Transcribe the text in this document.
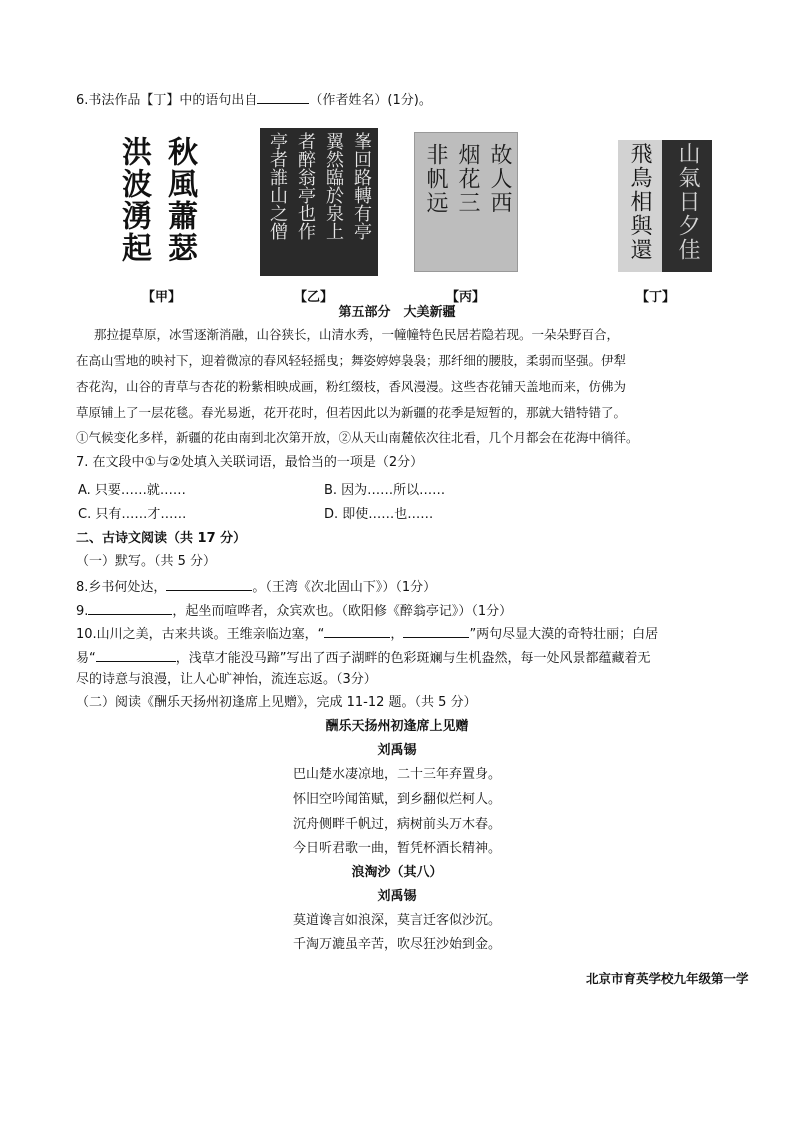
6.书法作品【丁】中的语句出自	（作者姓名）(1分)。
秋風蕭瑟
洪波湧起
【甲】
峯回路轉有亭
翼然臨於泉上
者醉翁亭也作
亭者誰山之僧
【乙】
故人西
烟花三
非帆远
【丙】
山氣日夕佳
飛鳥相與還
【丁】
第五部分　大美新疆
那拉提草原，冰雪逐渐消融，山谷狭长，山清水秀，一幢幢特色民居若隐若现。一朵朵野百合，
在高山雪地的映衬下，迎着微凉的春风轻轻摇曳；舞姿婷婷袅袅；那纤细的腰肢，柔弱而坚强。伊犁
杏花沟，山谷的青草与杏花的粉紫相映成画，粉红缀枝，香风漫漫。这些杏花铺天盖地而来，仿佛为
草原铺上了一层花毯。春光易逝，花开花时，但若因此以为新疆的花季是短暂的，那就大错特错了。
①气候变化多样，新疆的花由南到北次第开放，②从天山南麓依次往北看，几个月都会在花海中徜徉。
7. 在文段中①与②处填入关联词语，最恰当的一项是（2分）
A. 只要……就……	B. 因为……所以……
C. 只有……才……	D. 即使……也……
二、古诗文阅读（共 17 分）
（一）默写。（共 5 分）
8.乡书何处达，	。（王湾《次北固山下》）（1分）
9.	，起坐而喧哗者，众宾欢也。（欧阳修《醉翁亭记》）（1分）
10.山川之美，古来共谈。王维亲临边塞，“	，	”两句尽显大漠的奇特壮丽；白居
易“	，浅草才能没马蹄”写出了西子湖畔的色彩斑斓与生机盎然，每一处风景都蕴藏着无
尽的诗意与浪漫，让人心旷神怡，流连忘返。（3分）
（二）阅读《酬乐天扬州初逢席上见赠》，完成 11-12 题。（共 5 分）
酬乐天扬州初逢席上见赠
刘禹锡
巴山楚水凄凉地，二十三年弃置身。
怀旧空吟闻笛赋，到乡翻似烂柯人。
沉舟侧畔千帆过，病树前头万木春。
今日听君歌一曲，暂凭杯酒长精神。
浪淘沙（其八）
刘禹锡
莫道谗言如浪深，莫言迁客似沙沉。
千淘万漉虽辛苦，吹尽狂沙始到金。
北京市育英学校九年级第一学
